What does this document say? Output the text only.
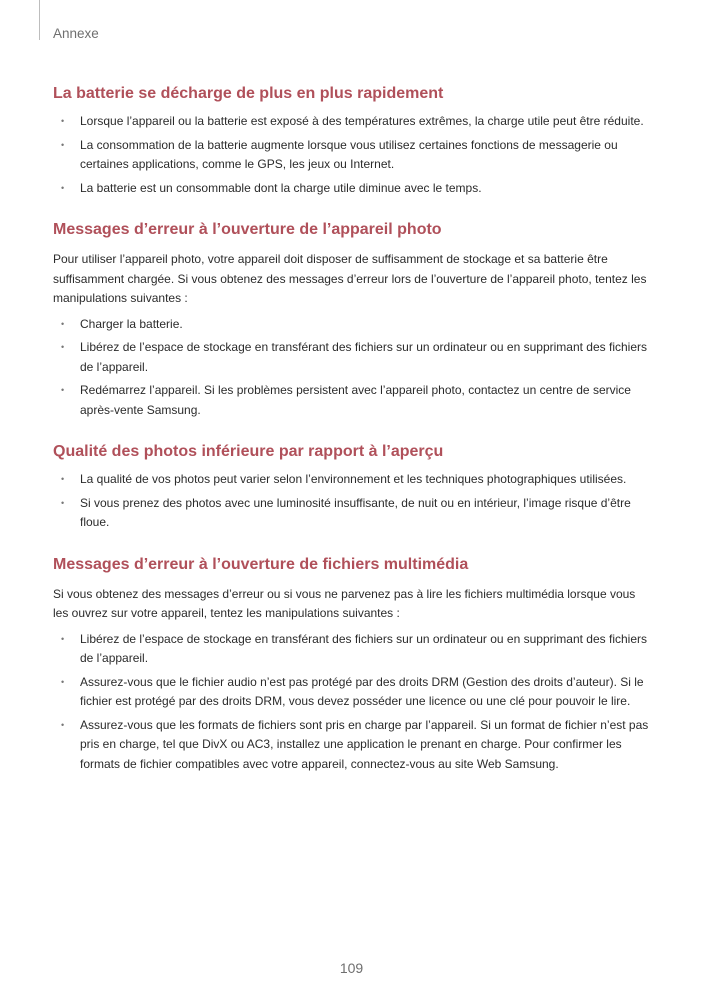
Annexe
La batterie se décharge de plus en plus rapidement
• Lorsque l’appareil ou la batterie est exposé à des températures extrêmes, la charge utile peut être réduite.
• La consommation de la batterie augmente lorsque vous utilisez certaines fonctions de messagerie ou certaines applications, comme le GPS, les jeux ou Internet.
• La batterie est un consommable dont la charge utile diminue avec le temps.
Messages d’erreur à l’ouverture de l’appareil photo

Pour utiliser l’appareil photo, votre appareil doit disposer de suffisamment de stockage et sa batterie être suffisamment chargée. Si vous obtenez des messages d’erreur lors de l’ouverture de l’appareil photo, tentez les manipulations suivantes :

• Charger la batterie.
• Libérez de l’espace de stockage en transférant des fichiers sur un ordinateur ou en supprimant des fichiers de l’appareil.
• Redémarrez l’appareil. Si les problèmes persistent avec l’appareil photo, contactez un centre de service après-vente Samsung.
Qualité des photos inférieure par rapport à l’aperçu
• La qualité de vos photos peut varier selon l’environnement et les techniques photographiques utilisées.
• Si vous prenez des photos avec une luminosité insuffisante, de nuit ou en intérieur, l’image risque d’être floue.
Messages d’erreur à l’ouverture de fichiers multimédia

Si vous obtenez des messages d’erreur ou si vous ne parvenez pas à lire les fichiers multimédia lorsque vous les ouvrez sur votre appareil, tentez les manipulations suivantes :

• Libérez de l’espace de stockage en transférant des fichiers sur un ordinateur ou en supprimant des fichiers de l’appareil.
• Assurez-vous que le fichier audio n’est pas protégé par des droits DRM (Gestion des droits d’auteur). Si le fichier est protégé par des droits DRM, vous devez posséder une licence ou une clé pour pouvoir le lire.
• Assurez-vous que les formats de fichiers sont pris en charge par l’appareil. Si un format de fichier n’est pas pris en charge, tel que DivX ou AC3, installez une application le prenant en charge. Pour confirmer les formats de fichier compatibles avec votre appareil, connectez-vous au site Web Samsung.
109
